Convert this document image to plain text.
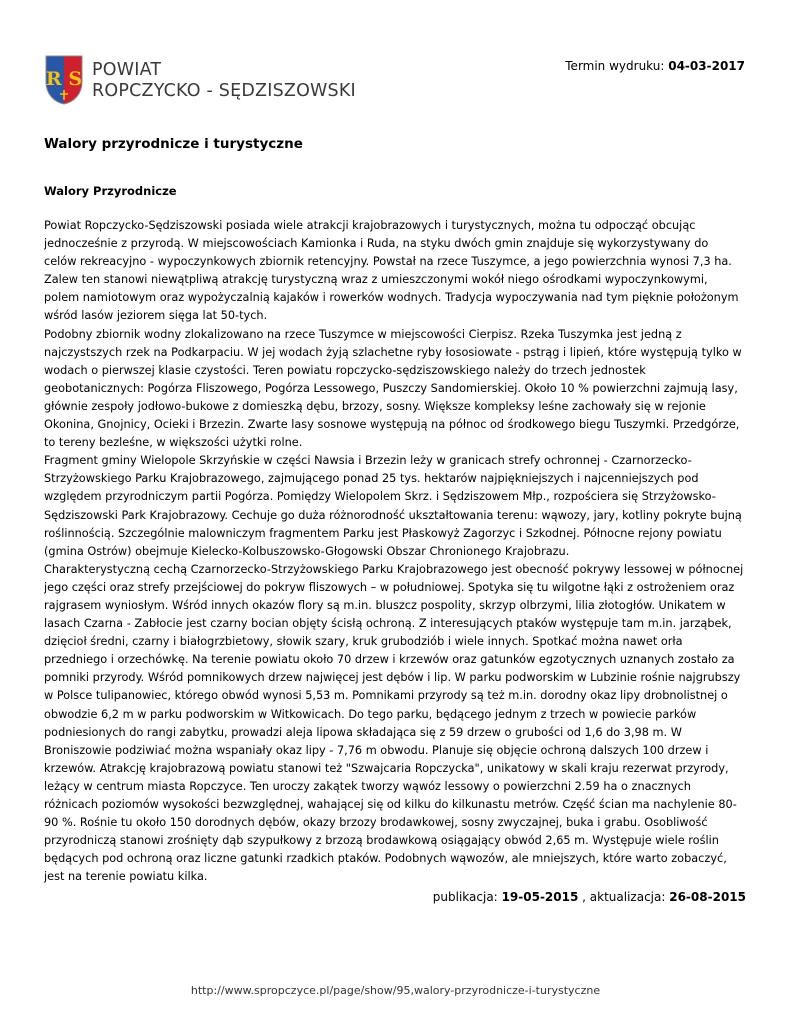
R S POWIAT
ROPCZYCKO - SĘDZISZOWSKI
Termin wydruku: 04-03-2017
Walory przyrodnicze i turystyczne
Walory Przyrodnicze

Powiat Ropczycko-Sędziszowski posiada wiele atrakcji krajobrazowych i turystycznych, można tu odpocząć obcując jednocześnie z przyrodą. W miejscowościach Kamionka i Ruda, na styku dwóch gmin znajduje się wykorzystywany do celów rekreacyjno - wypoczynkowych zbiornik retencyjny. Powstał na rzece Tuszymce, a jego powierzchnia wynosi 7,3 ha. Zalew ten stanowi niewątpliwą atrakcję turystyczną wraz z umieszczonymi wokół niego ośrodkami wypoczynkowymi, polem namiotowym oraz wypożyczalnią kajaków i rowerków wodnych. Tradycja wypoczywania nad tym pięknie położonym wśród lasów jeziorem sięga lat 50-tych.

Podobny zbiornik wodny zlokalizowano na rzece Tuszymce w miejscowości Cierpisz. Rzeka Tuszymka jest jedną z najczystszych rzek na Podkarpaciu. W jej wodach żyją szlachetne ryby łososiowate - pstrąg i lipień, które występują tylko w wodach o pierwszej klasie czystości. Teren powiatu ropczycko-sędziszowskiego należy do trzech jednostek geobotanicznych: Pogórza Fliszowego, Pogórza Lessowego, Puszczy Sandomierskiej. Około 10 % powierzchni zajmują lasy, głównie zespoły jodłowo-bukowe z domieszką dębu, brzozy, sosny. Większe kompleksy leśne zachowały się w rejonie Okonina, Gnojnicy, Ocieki i Brzezin. Zwarte lasy sosnowe występują na północ od środkowego biegu Tuszymki. Przedgórze, to tereny bezleśne, w większości użytki rolne.

Fragment gminy Wielopole Skrzyńskie w części Nawsia i Brzezin leży w granicach strefy ochronnej - Czarnorzecko-Strzyżowskiego Parku Krajobrazowego, zajmującego ponad 25 tys. hektarów najpiękniejszych i najcenniejszych pod względem przyrodniczym partii Pogórza. Pomiędzy Wielopolem Skrz. i Sędziszowem Młp., rozpościera się Strzyżowsko-Sędziszowski Park Krajobrazowy. Cechuje go duża różnorodność ukształtowania terenu: wąwozy, jary, kotliny pokryte bujną roślinnością. Szczególnie malowniczym fragmentem Parku jest Płaskowyż Zagorzyc i Szkodnej. Północne rejony powiatu (gmina Ostrów) obejmuje Kielecko-Kolbuszowsko-Głogowski Obszar Chronionego Krajobrazu.

Charakterystyczną cechą Czarnorzecko-Strzyżowskiego Parku Krajobrazowego jest obecność pokrywy lessowej w północnej jego części oraz strefy przejściowej do pokryw fliszowych – w południowej. Spotyka się tu wilgotne łąki z ostrożeniem oraz rajgrasem wyniosłym. Wśród innych okazów flory są m.in. bluszcz pospolity, skrzyp olbrzymi, lilia złotogłów. Unikatem w lasach Czarna - Zabłocie jest czarny bocian objęty ścisłą ochroną. Z interesujących ptaków występuje tam m.in. jarząbek, dzięcioł średni, czarny i białogrzbietowy, słowik szary, kruk grubodziób i wiele innych. Spotkać można nawet orła przedniego i orzechówkę. Na terenie powiatu około 70 drzew i krzewów oraz gatunków egzotycznych uznanych zostało za pomniki przyrody. Wśród pomnikowych drzew najwięcej jest dębów i lip. W parku podworskim w Lubzinie rośnie najgrubszy w Polsce tulipanowiec, którego obwód wynosi 5,53 m. Pomnikami przyrody są też m.in. dorodny okaz lipy drobnolistnej o obwodzie 6,2 m w parku podworskim w Witkowicach. Do tego parku, będącego jednym z trzech w powiecie parków podniesionych do rangi zabytku, prowadzi aleja lipowa składająca się z 59 drzew o grubości od 1,6 do 3,98 m. W Broniszowie podziwiać można wspaniały okaz lipy - 7,76 m obwodu. Planuje się objęcie ochroną dalszych 100 drzew i krzewów. Atrakcję krajobrazową powiatu stanowi też "Szwajcaria Ropczycka", unikatowy w skali kraju rezerwat przyrody, leżący w centrum miasta Ropczyce. Ten uroczy zakątek tworzy wąwóz lessowy o powierzchni 2.59 ha o znacznych różnicach poziomów wysokości bezwzględnej, wahającej się od kilku do kilkunastu metrów. Część ścian ma nachylenie 80-90 %. Rośnie tu około 150 dorodnych dębów, okazy brzozy brodawkowej, sosny zwyczajnej, buka i grabu. Osobliwość przyrodniczą stanowi zrośnięty dąb szypułkowy z brzozą brodawkową osiągający obwód 2,65 m. Występuje wiele roślin będących pod ochroną oraz liczne gatunki rzadkich ptaków. Podobnych wąwozów, ale mniejszych, które warto zobaczyć, jest na terenie powiatu kilka.

publikacja: 19-05-2015 , aktualizacja: 26-08-2015
http://www.spropczyce.pl/page/show/95,walory-przyrodnicze-i-turystyczne
